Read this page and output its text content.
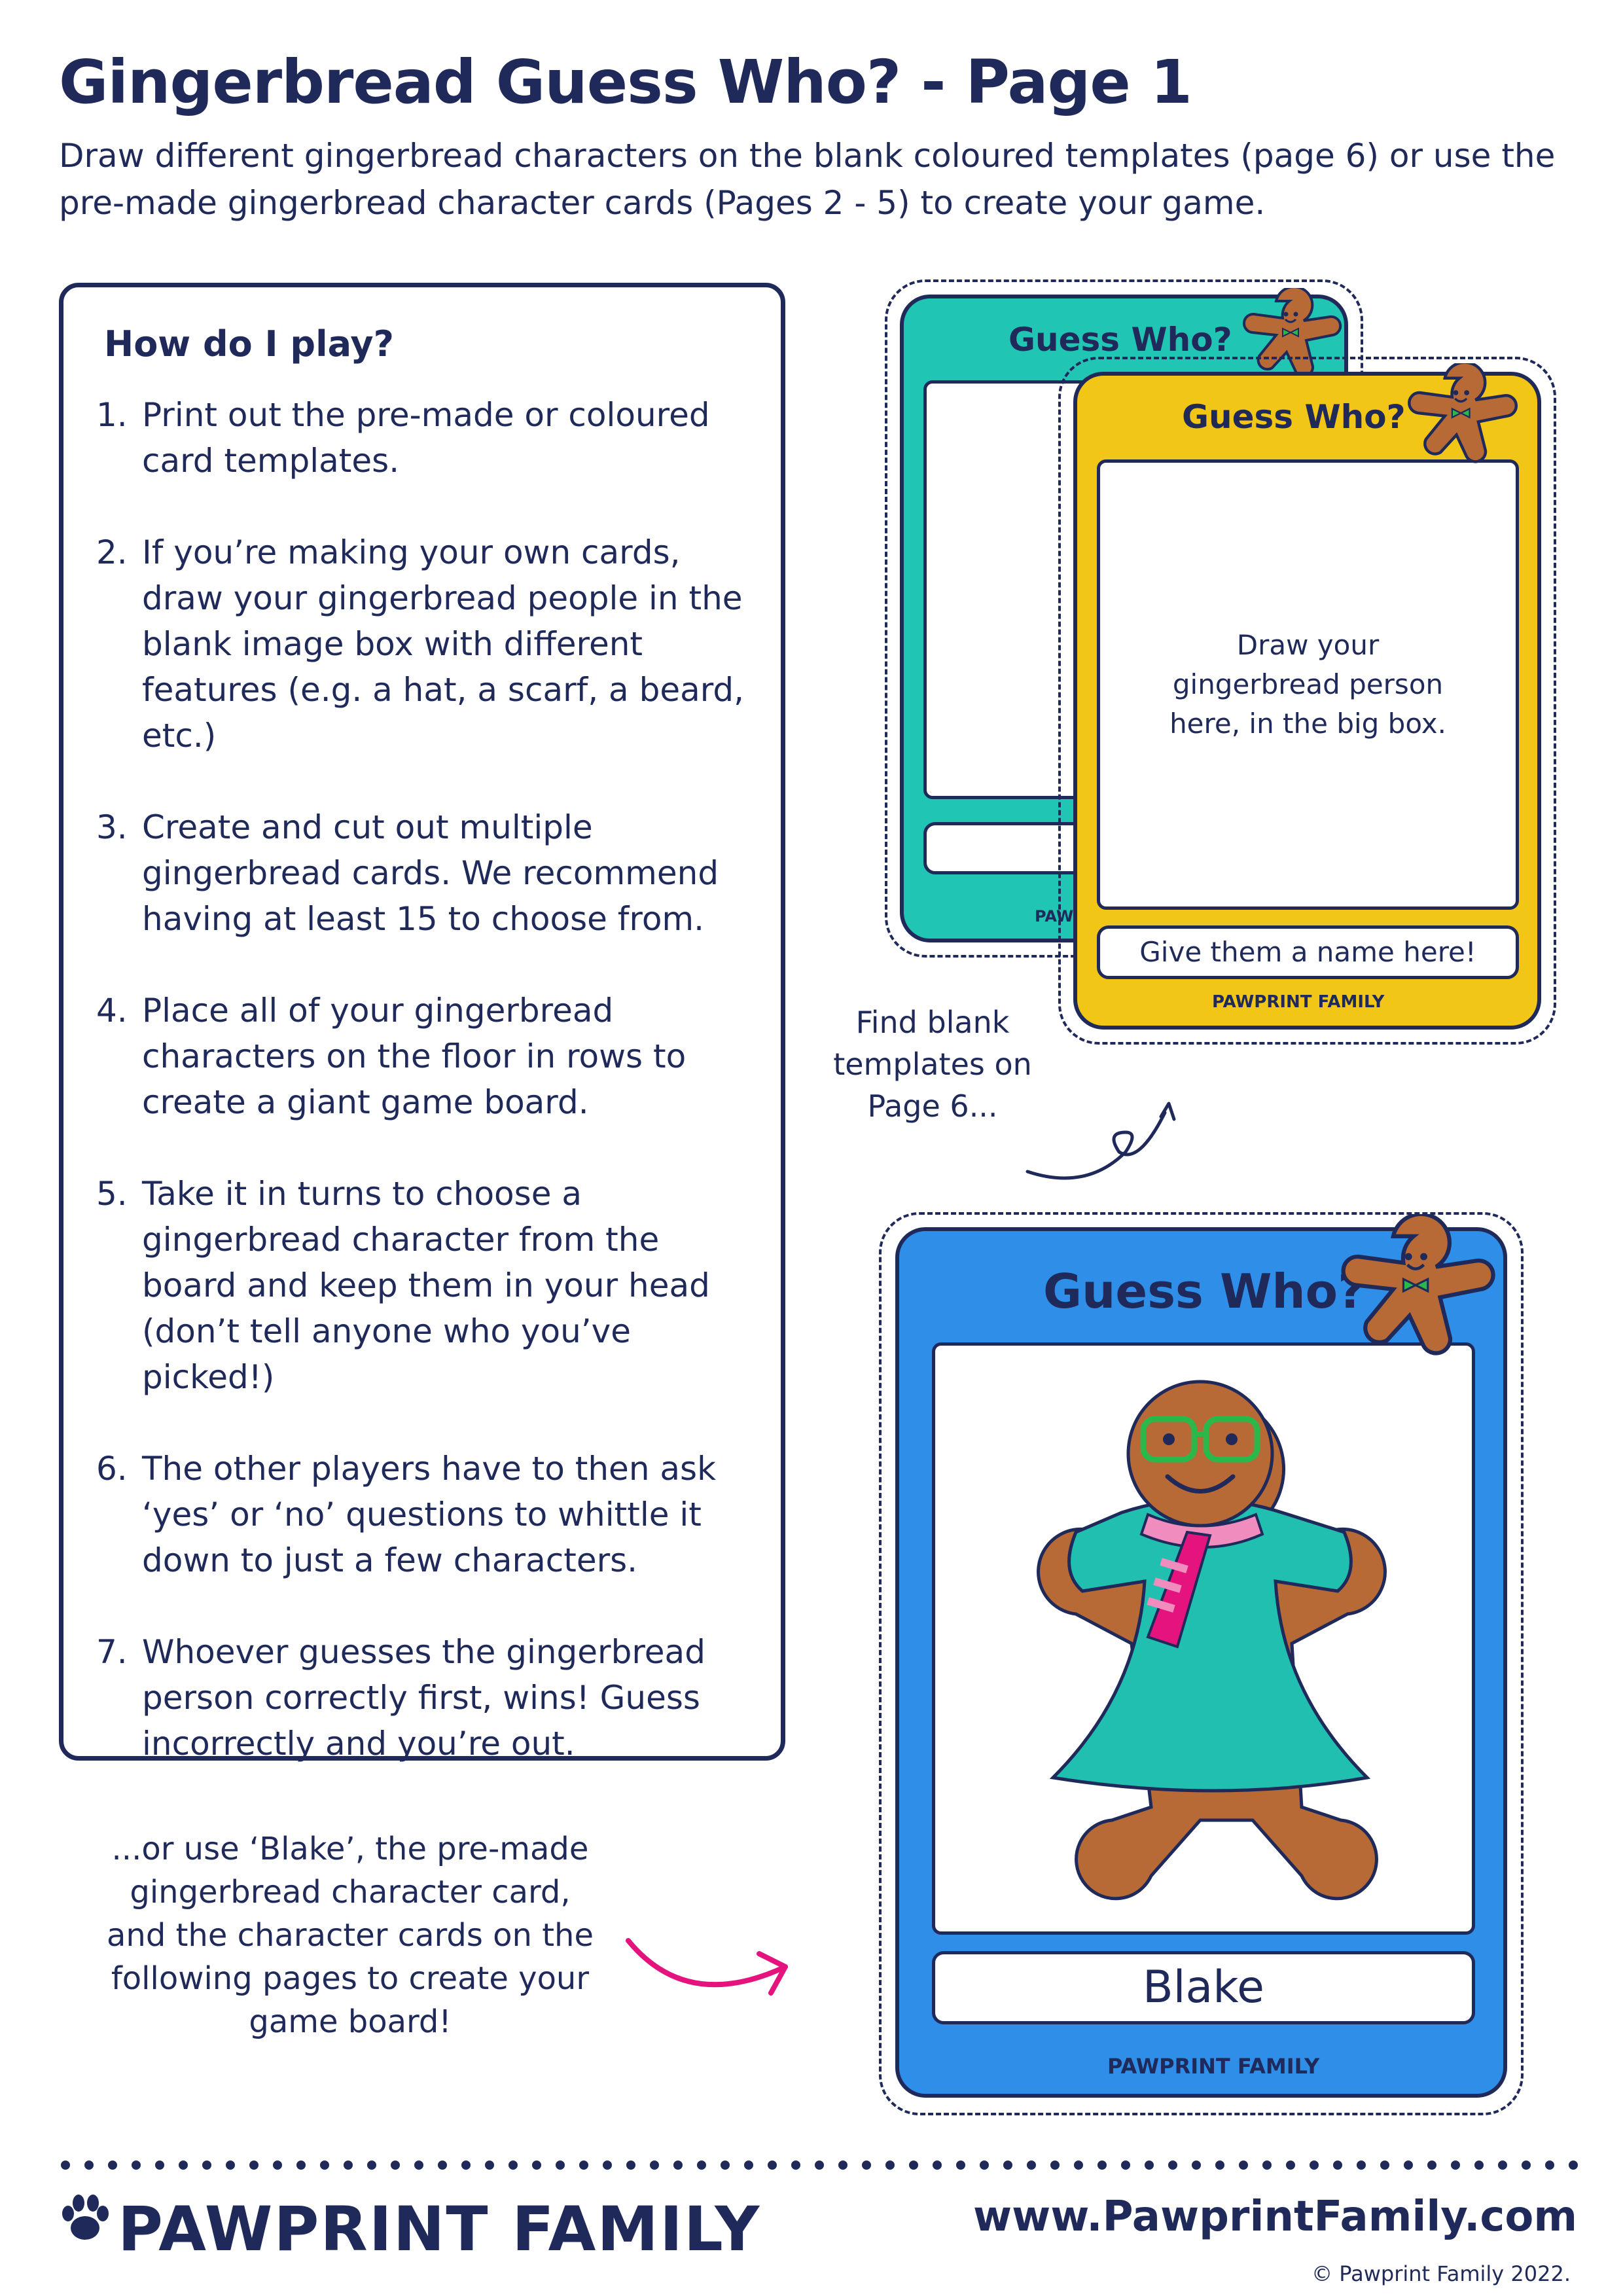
Gingerbread Guess Who? - Page 1

Draw different gingerbread characters on the blank coloured templates (page 6) or use the pre-made gingerbread character cards (Pages 2 - 5) to create your game.

How do I play?
1. Print out the pre-made or coloured card templates.
2. If you’re making your own cards, draw your gingerbread people in the blank image box with different features (e.g. a hat, a scarf, a beard, etc.)
3. Create and cut out multiple gingerbread cards. We recommend having at least 15 to choose from.
4. Place all of your gingerbread characters on the floor in rows to create a giant game board.
5. Take it in turns to choose a gingerbread character from the board and keep them in your head (don’t tell anyone who you’ve picked!)
6. The other players have to then ask ‘yes’ or ‘no’ questions to whittle it down to just a few characters.
7. Whoever guesses the gingerbread person correctly first, wins! Guess incorrectly and you’re out.
Guess Who?
PAW
Guess Who?
Draw your gingerbread person here, in the big box.
Give them a name here!
PAWPRINT FAMILY

Find blank templates on Page 6...

Guess Who?
Blake
PAWPRINT FAMILY

...or use ‘Blake’, the pre-made gingerbread character card, and the character cards on the following pages to create your game board!

PAWPRINT FAMILY	www.PawprintFamily.com
© Pawprint Family 2022.
